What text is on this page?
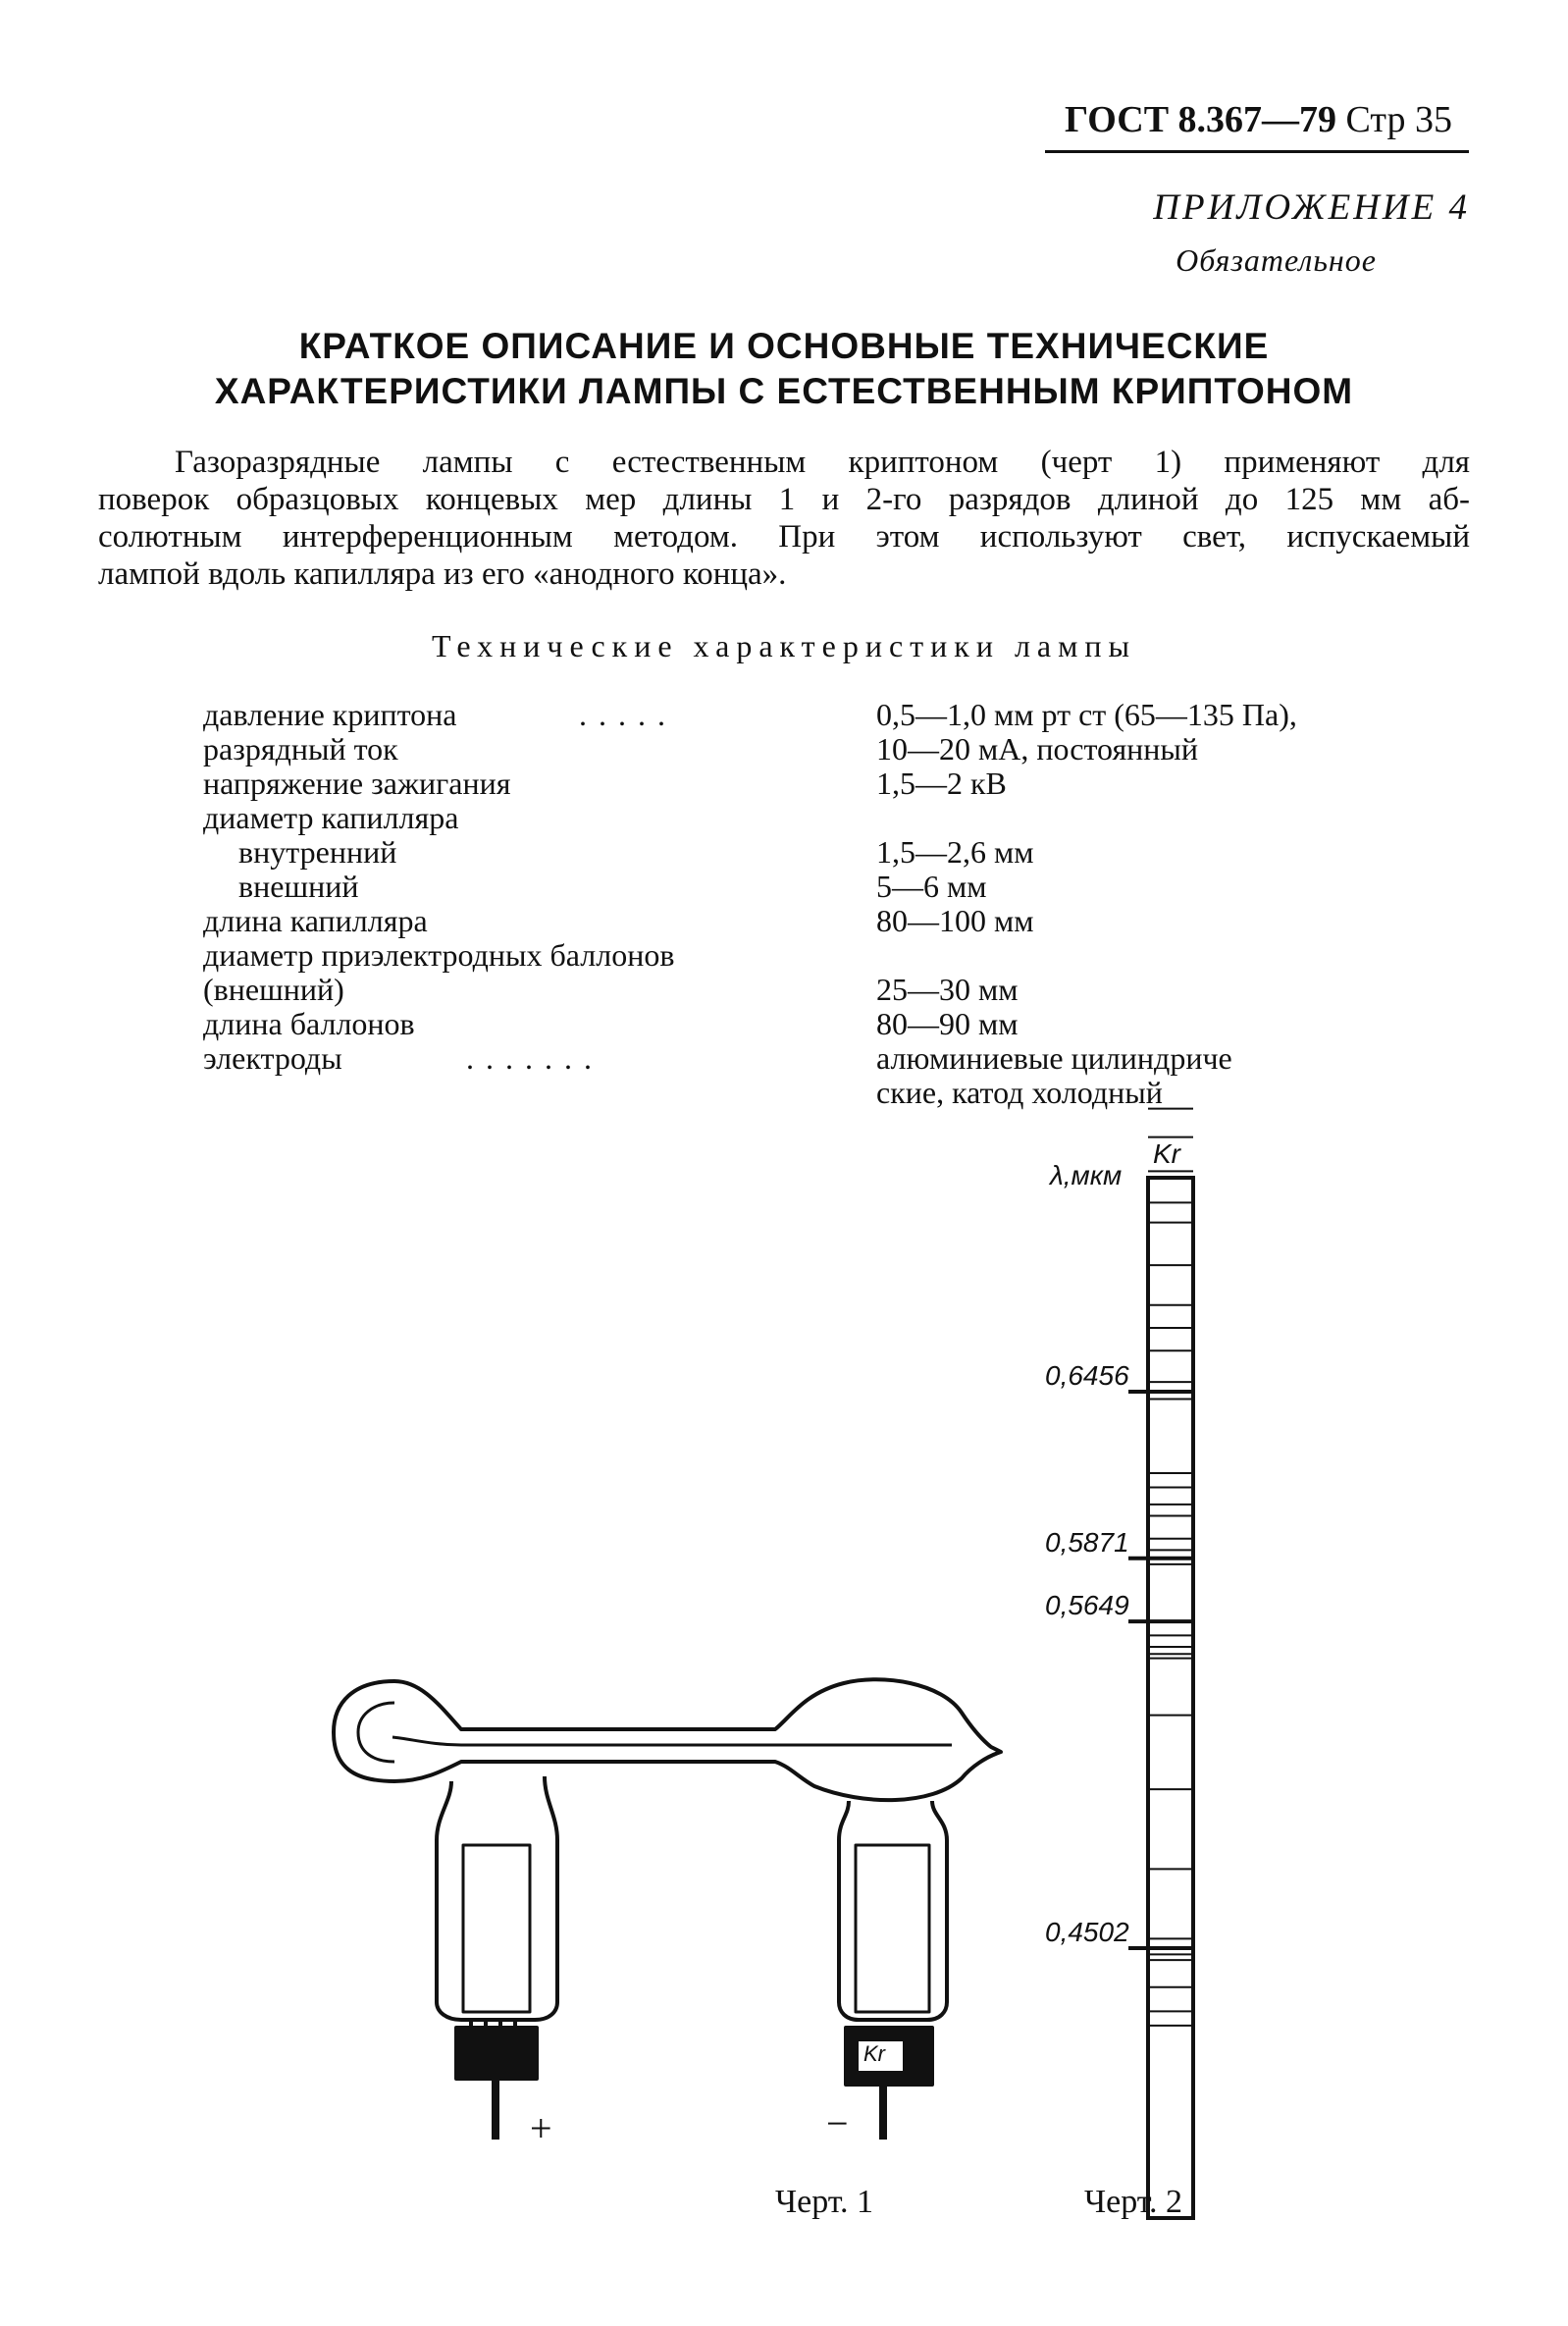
ГОСТ 8.367—79 Стр 35
ПРИЛОЖЕНИЕ 4
Обязательное
КРАТКОЕ ОПИСАНИЕ И ОСНОВНЫЕ ТЕХНИЧЕСКИЕ
ХАРАКТЕРИСТИКИ ЛАМПЫ С ЕСТЕСТВЕННЫМ КРИПТОНОМ
Газоразрядные лампы с естественным криптоном (черт 1) применяют для
поверок образцовых концевых мер длины 1 и 2-го разрядов длиной до 125 мм аб-
солютным интерференционным методом. При этом используют свет, испускаемый
лампой вдоль капилляра из его «анодного конца».
Технические характеристики лампы
давление криптона	.....	0,5—1,0 мм рт ст (65—135 Па),
разрядный ток	10—20 мА, постоянный
напряжение зажигания	1,5—2 кВ
диаметр капилляра
внутренний	1,5—2,6 мм
внешний	5—6 мм
длина капилляра	80—100 мм
диаметр приэлектродных баллонов
(внешний)	25—30 мм
длина баллонов	80—90 мм
электроды	.......	алюминиевые цилиндриче
ские, катод холодный
+	−
Kr
Черт. 1
Kr
λ,мкм
0,6456
0,5871
0,5649
0,4502
Черт. 2
